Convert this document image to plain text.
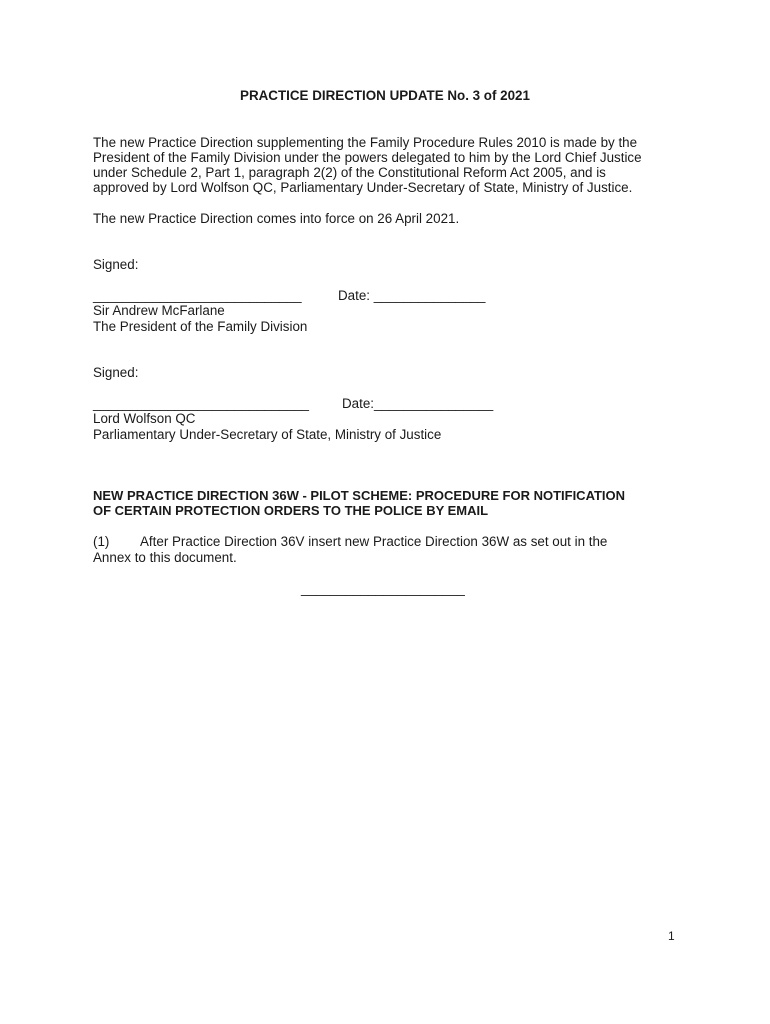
PRACTICE DIRECTION UPDATE No. 3 of 2021
The new Practice Direction supplementing the Family Procedure Rules 2010 is made by the
President of the Family Division under the powers delegated to him by the Lord Chief Justice
under Schedule 2, Part 1, paragraph 2(2) of the Constitutional Reform Act 2005, and is
approved by Lord Wolfson QC, Parliamentary Under-Secretary of State, Ministry of Justice.
The new Practice Direction comes into force on 26 April 2021.
Signed:
____________________________	Date: _______________
Sir Andrew McFarlane
The President of the Family Division
Signed:
_____________________________ Date:________________
Lord Wolfson QC
Parliamentary Under-Secretary of State, Ministry of Justice
NEW PRACTICE DIRECTION 36W - PILOT SCHEME: PROCEDURE FOR NOTIFICATION
OF CERTAIN PROTECTION ORDERS TO THE POLICE BY EMAIL
(1) After Practice Direction 36V insert new Practice Direction 36W as set out in the
Annex to this document.
______________________
1
